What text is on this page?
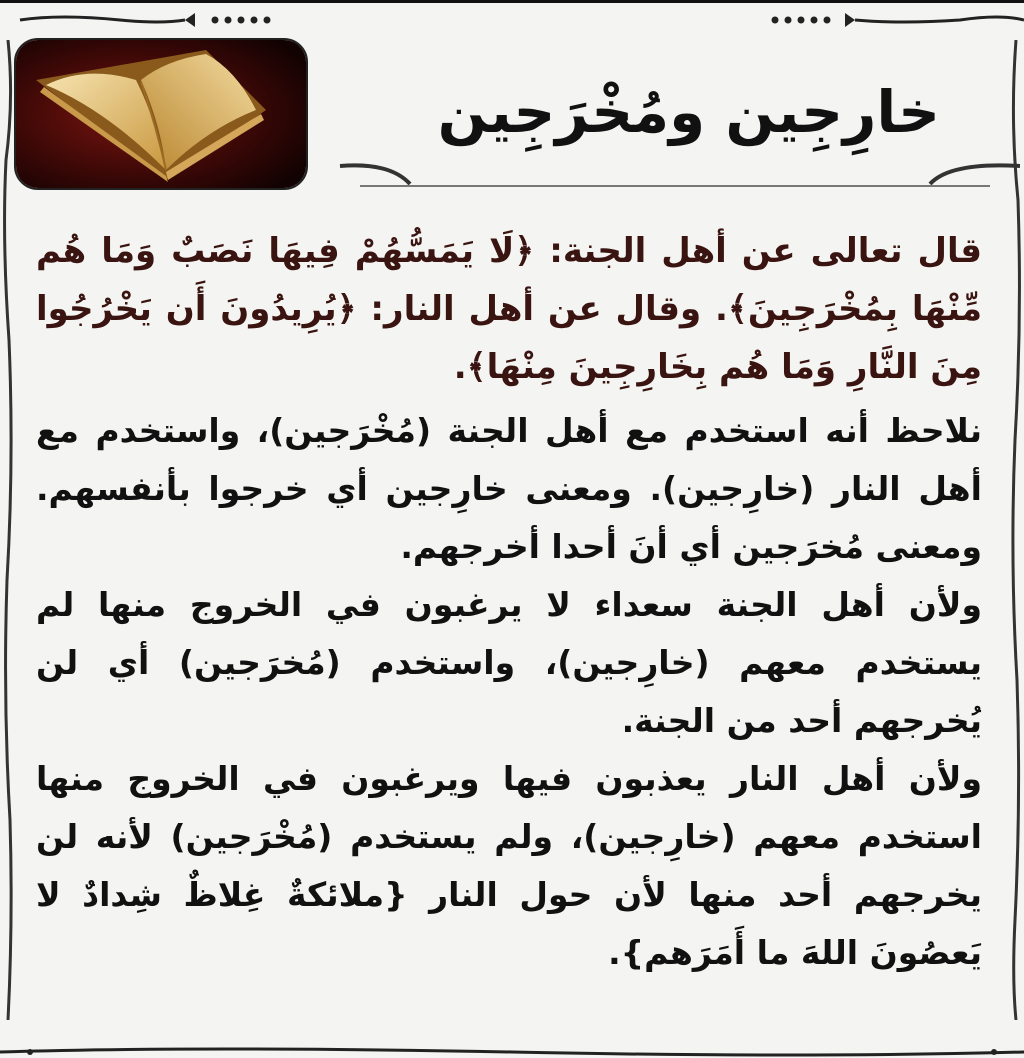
خارِجِين ومُخْرَجِين

قال تعالى عن أهل الجنة: ﴿لَا يَمَسُّهُمْ فِيهَا نَصَبٌ وَمَا هُم مِّنْهَا بِمُخْرَجِينَ﴾. وقال عن أهل النار: ﴿يُرِيدُونَ أَن يَخْرُجُوا مِنَ النَّارِ وَمَا هُم بِخَارِجِينَ مِنْهَا﴾.

نلاحظ أنه استخدم مع أهل الجنة (مُخْرَجين)، واستخدم مع أهل النار (خارِجين). ومعنى خارِجين أي خرجوا بأنفسهم. ومعنى مُخرَجين أي أنَ أحدا أخرجهم.

ولأن أهل الجنة سعداء لا يرغبون في الخروج منها لم يستخدم معهم (خارِجين)، واستخدم (مُخرَجين) أي لن يُخرجهم أحد من الجنة.

ولأن أهل النار يعذبون فيها ويرغبون في الخروج منها استخدم معهم (خارِجين)، ولم يستخدم (مُخْرَجين) لأنه لن يخرجهم أحد منها لأن حول النار {ملائكةٌ غِلاظٌ شِدادٌ لا يَعصُونَ اللهَ ما أَمَرَهم}.
